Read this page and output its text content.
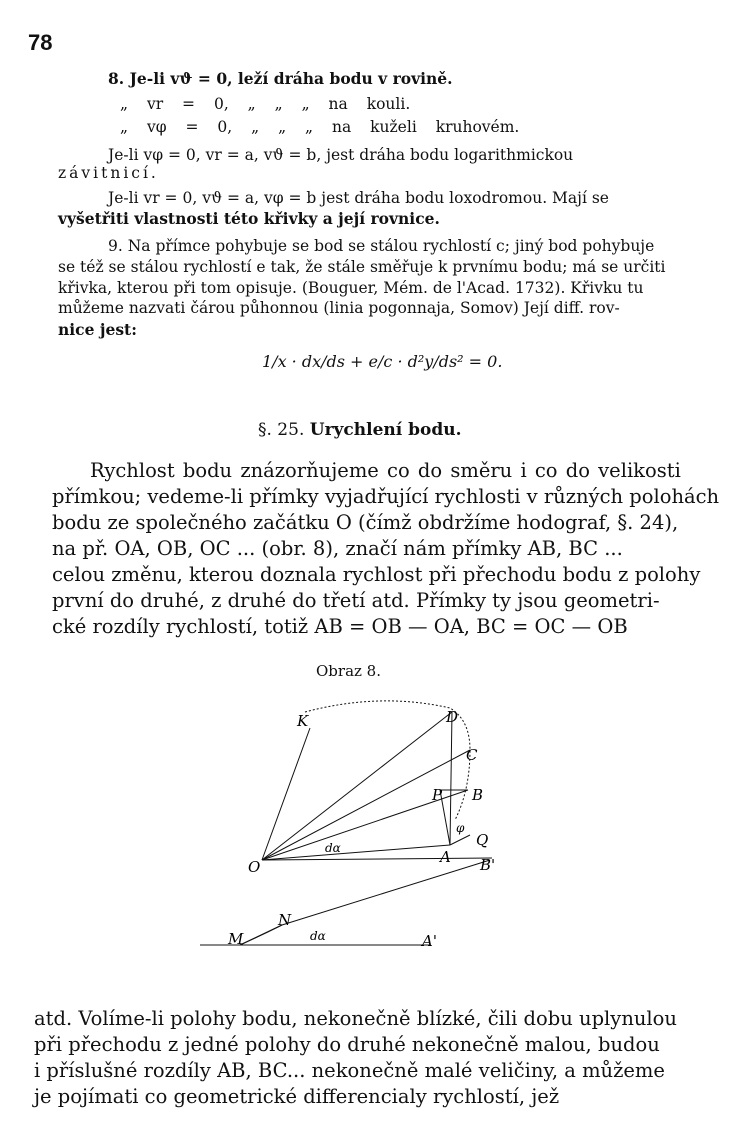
78
8. Je-li vϑ = 0, leží dráha bodu v rovině.
„ vr = 0, „ „ „ na kouli.
„ vφ = 0, „ „ „ na kuželi kruhovém.
Je-li vφ = 0, vr = a, vϑ = b, jest dráha bodu logarithmickou
závitnicí.
Je-li vr = 0, vϑ = a, vφ = b jest dráha bodu loxodromou. Mají se
vyšetřiti vlastnosti této křivky a její rovnice.
9. Na přímce pohybuje se bod se stálou rychlostí c; jiný bod pohybuje
se též se stálou rychlostí e tak, že stále směřuje k prvnímu bodu; má se určiti
křivka, kterou při tom opisuje. (Bouguer, Mém. de l'Acad. 1732). Křivku tu
můžeme nazvati čárou půhonnou (linia pogonnaja, Somov) Její diff. rov-
nice jest:
1/x · dx/ds + e/c · d²y/ds² = 0.
§. 25. Urychlení bodu.
Rychlost bodu znázorňujeme co do směru i co do velikosti
přímkou; vedeme-li přímky vyjadřující rychlosti v různých polohách
bodu ze společného začátku O (čímž obdržíme hodograf, §. 24),
na př. OA, OB, OC ... (obr. 8), značí nám přímky AB, BC ...
celou změnu, kterou doznala rychlost při přechodu bodu z polohy
první do druhé, z druhé do třetí atd. Přímky ty jsou geometri-
cké rozdíly rychlostí, totiž AB = OB — OA, BC = OC — OB
Obraz 8.
K	D
C
P B
φ
Q
dα	A
O	B'
M
N
dα	A'
atd. Volíme-li polohy bodu, nekonečně blízké, čili dobu uplynulou
při přechodu z jedné polohy do druhé nekonečně malou, budou
i příslušné rozdíly AB, BC... nekonečně malé veličiny, a můžeme
je pojímati co geometrické differencialy rychlostí, jež
